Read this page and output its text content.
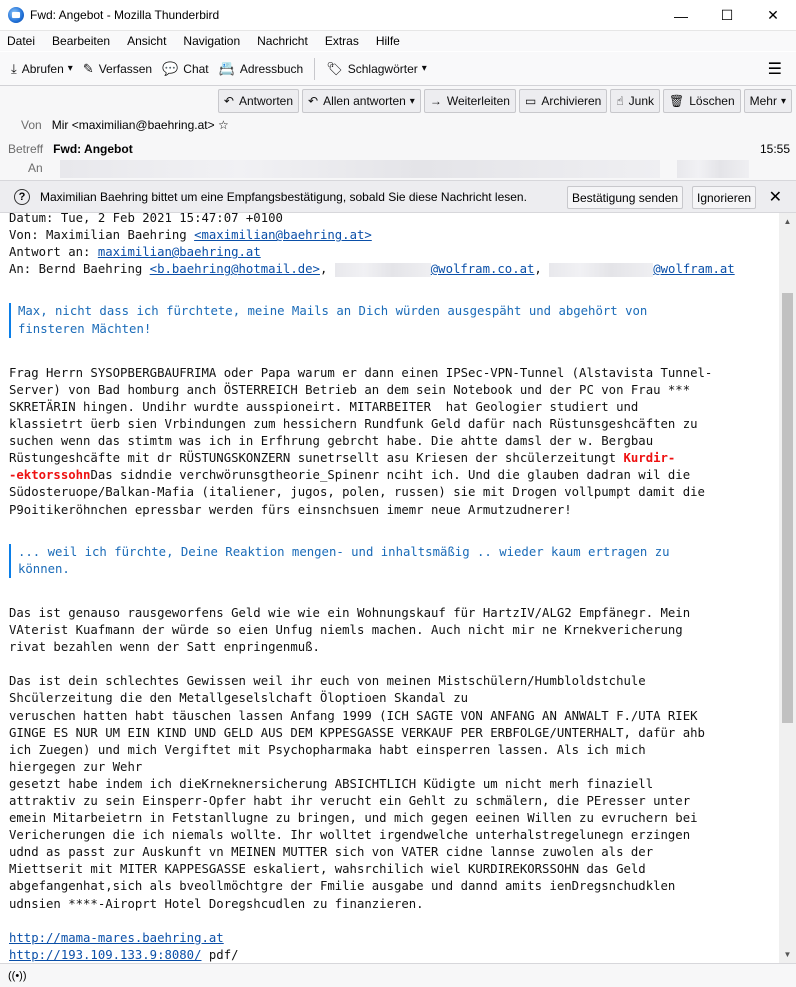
Fwd: Angebot - Mozilla Thunderbird	—	☐	✕
Datei Bearbeiten Ansicht Navigation Nachricht Extras Hilfe
⤓ Abrufen ▾ ✎ Verfassen 💬 Chat 📇 Adressbuch 🏷 Schlagwörter ▾	☰
↶ Antworten ↶ Allen antworten ▾ → Weiterleiten ▭ Archivieren ☝ Junk 🗑 Löschen Mehr ▾
Von Mir <maximilian@baehring.at> ☆
Betreff Fwd: Angebot	15:55
An
?	Maximilian Baehring bittet um eine Empfangsbestätigung, sobald Sie diese Nachricht lesen.	Bestätigung senden	Ignorieren	✕
Datum: Tue, 2 Feb 2021 15:47:07 +0100
Von: Maximilian Baehring <maximilian@baehring.at>
Antwort an: maximilian@baehring.at
An: Bernd Baehring <b.baehring@hotmail.de>,	@wolfram.co.at,	@wolfram.at
Max, nicht dass ich fürchtete, meine Mails an Dich würden ausgespäht und abgehört von
finsteren Mächten!
Frag Herrn SYSOPBERGBAUFRIMA oder Papa warum er dann einen IPSec-VPN-Tunnel (Alstavista Tunnel-
Server) von Bad homburg anch ÖSTERREICH Betrieb an dem sein Notebook und der PC von Frau ***
SKRETÄRIN hingen. Undihr wurdte ausspioneirt. MITARBEITER  hat Geologier studiert und
klassietrt üerb sien Vrbindungen zum hessichern Rundfunk Geld dafür nach Rüstunsgeshcäften zu
suchen wenn das stimtm was ich in Erfhrung gebrcht habe. Die ahtte damsl der w. Bergbau
Rüstungeshcäfte mit dr RÜSTUNGSKONZERN sunetrsellt asu Kriesen der shcülerzeitungt Kurdir-
-ektorssohnDas sidndie verchwörunsgtheorie_Spinenr nciht ich. Und die glauben dadran wil die
Südosteruope/Balkan-Mafia (italiener, jugos, polen, russen) sie mit Drogen vollpumpt damit die
P9oitikeröhnchen epressbar werden fürs einsnchsuen imemr neue Armutzudnerer!
... weil ich fürchte, Deine Reaktion mengen- und inhaltsmäßig .. wieder kaum ertragen zu
können.
Das ist genauso rausgeworfens Geld wie wie ein Wohnungskauf für HartzIV/ALG2 Empfänegr. Mein
VAterist Kuafmann der würde so eien Unfug niemls machen. Auch nicht mir ne Krnekvericherung
rivat bezahlen wenn der Satt enpringenmuß.
Das ist dein schlechtes Gewissen weil ihr euch von meinen Mistschülern/Humbloldstchule
Shcülerzeitung die den Metallgeselslchaft Öloptioen Skandal zu
veruschen hatten habt täuschen lassen Anfang 1999 (ICH SAGTE VON ANFANG AN ANWALT F./UTA RIEK
GINGE ES NUR UM EIN KIND UND GELD AUS DEM KPPESGASSE VERKAUF PER ERBFOLGE/UNTERHALT, dafür ahb
ich Zuegen) und mich Vergiftet mit Psychopharmaka habt einsperren lassen. Als ich mich
hiergegen zur Wehr
gesetzt habe indem ich dieKrneknersicherung ABSICHTLICH Küdigte um nicht merh finaziell
attraktiv zu sein Einsperr-Opfer habt ihr verucht ein Gehlt zu schmälern, die PEresser unter
emein Mitarbeietrn in Fetstanllugne zu bringen, und mich gegen eeinen Willen zu evruchern bei
Vericherungen die ich niemals wollte. Ihr wolltet irgendwelche unterhalstregelunegn erzingen
udnd as passt zur Auskunft vn MEINEN MUTTER sich von VATER cidne lannse zuwolen als der
Miettserit mit MITER KAPPESGASSE eskaliert, wahsrchilich wiel KURDIREKORSSOHN das Geld
abgefangenhat,sich als bveollmöchtgre der Fmilie ausgabe und dannd amits ienDregsnchudklen
udnsien ****-Airoprt Hotel Doregshcudlen zu finanzieren.
http://mama-mares.baehring.at
http://193.109.133.9:8080/ pdf/
▲
▼
((•))
